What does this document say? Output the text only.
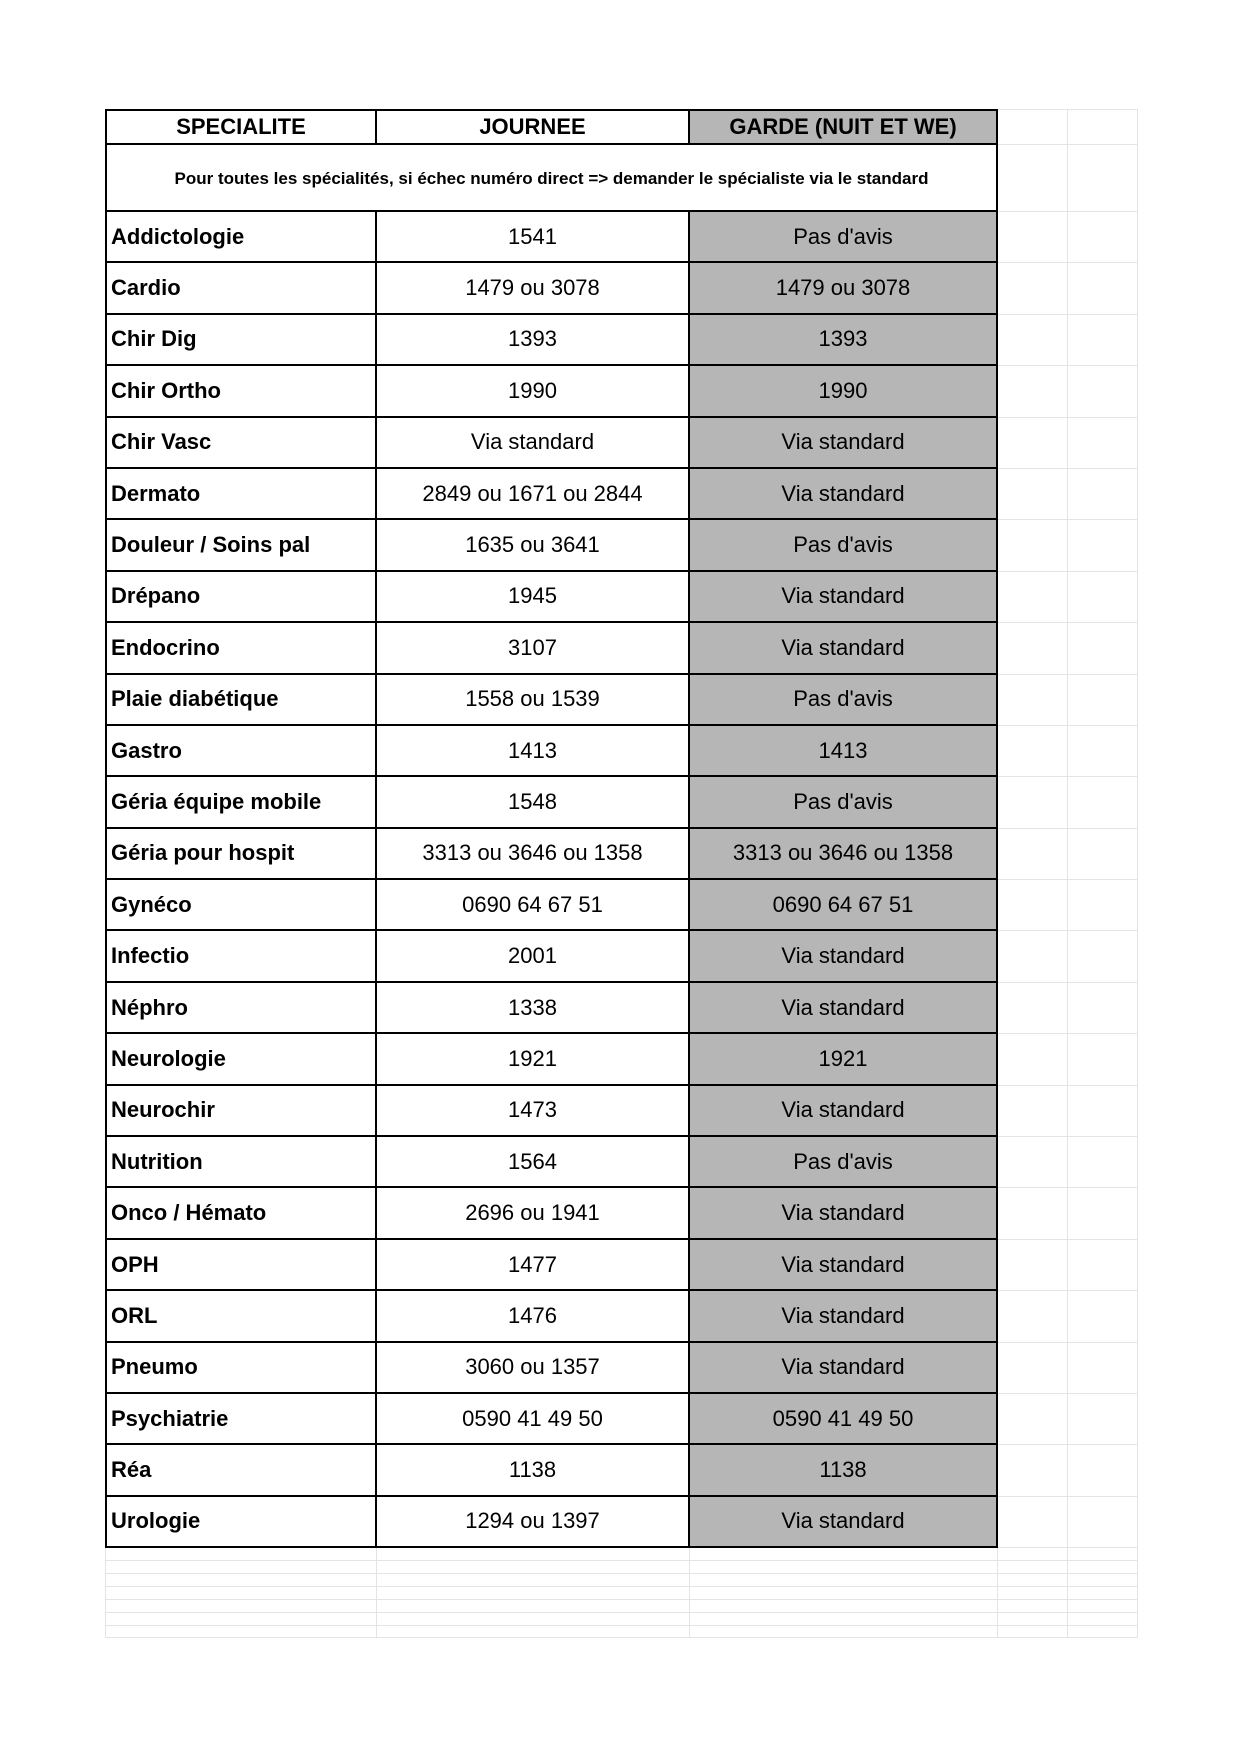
SPECIALITE	JOURNEE	GARDE (NUIT ET WE)
Pour toutes les spécialités, si échec numéro direct => demander le spécialiste via le standard
Addictologie	1541	Pas d'avis
Cardio	1479 ou 3078	1479 ou 3078
Chir Dig	1393	1393
Chir Ortho	1990	1990
Chir Vasc	Via standard	Via standard
Dermato	2849 ou 1671 ou 2844	Via standard
Douleur / Soins pal	1635 ou 3641	Pas d'avis
Drépano	1945	Via standard
Endocrino	3107	Via standard
Plaie diabétique	1558 ou 1539	Pas d'avis
Gastro	1413	1413
Géria équipe mobile	1548	Pas d'avis
Géria pour hospit	3313 ou 3646 ou 1358	3313 ou 3646 ou 1358
Gynéco	0690 64 67 51	0690 64 67 51
Infectio	2001	Via standard
Néphro	1338	Via standard
Neurologie	1921	1921
Neurochir	1473	Via standard
Nutrition	1564	Pas d'avis
Onco / Hémato	2696 ou 1941	Via standard
OPH	1477	Via standard
ORL	1476	Via standard
Pneumo	3060 ou 1357	Via standard
Psychiatrie	0590 41 49 50	0590 41 49 50
Réa	1138	1138
Urologie	1294 ou 1397	Via standard
